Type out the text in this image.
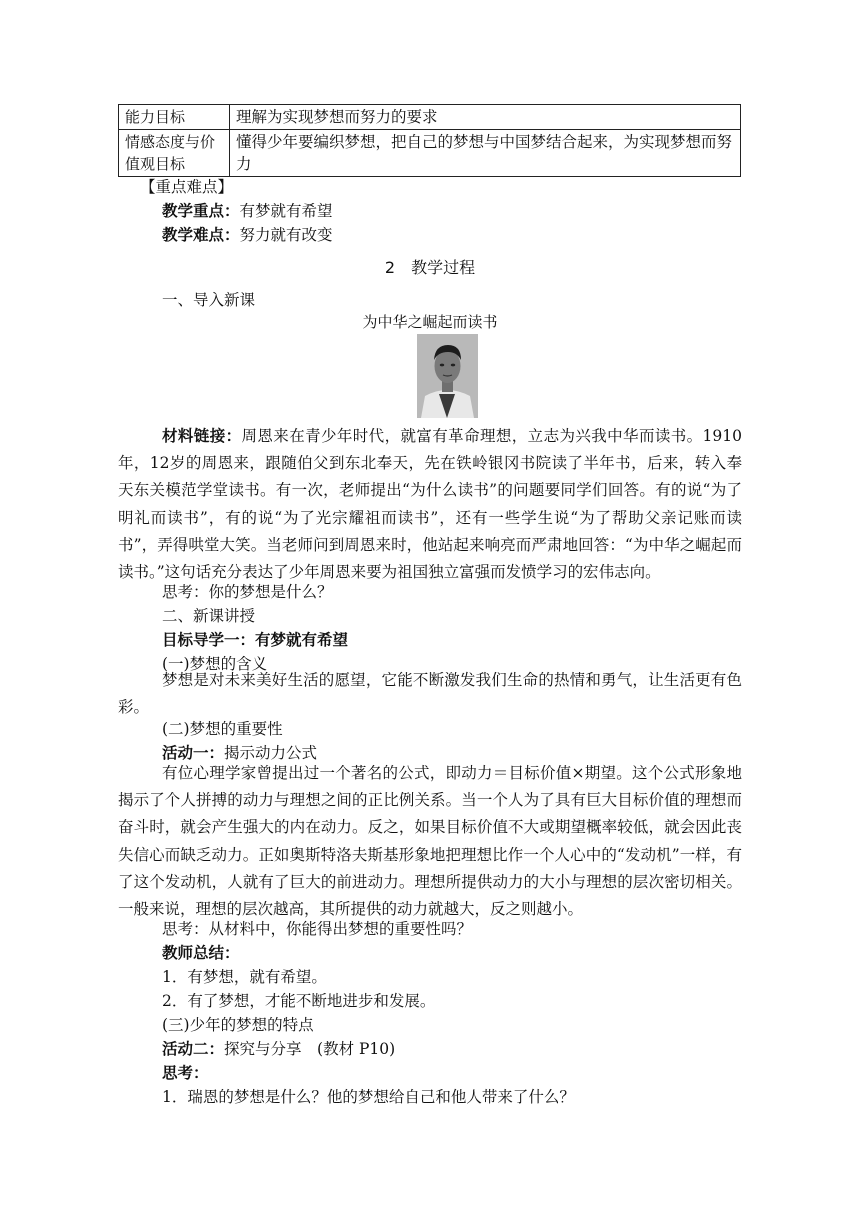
能力目标	理解为实现梦想而努力的要求
情感态度与价值观目标	懂得少年要编织梦想，把自己的梦想与中国梦结合起来，为实现梦想而努力
【重点难点】
教学重点：有梦就有希望
教学难点：努力就有改变
2　教学过程
一、导入新课
为中华之崛起而读书
材料链接：周恩来在青少年时代，就富有革命理想，立志为兴我中华而读书。1910年，12岁的周恩来，跟随伯父到东北奉天，先在铁岭银冈书院读了半年书，后来，转入奉天东关模范学堂读书。有一次，老师提出“为什么读书”的问题要同学们回答。有的说“为了明礼而读书”，有的说“为了光宗耀祖而读书”，还有一些学生说“为了帮助父亲记账而读书”，弄得哄堂大笑。当老师问到周恩来时，他站起来响亮而严肃地回答：“为中华之崛起而读书。”这句话充分表达了少年周恩来要为祖国独立富强而发愤学习的宏伟志向。
思考：你的梦想是什么？
二、新课讲授
目标导学一：有梦就有希望
(一)梦想的含义
梦想是对未来美好生活的愿望，它能不断激发我们生命的热情和勇气，让生活更有色彩。
(二)梦想的重要性
活动一：揭示动力公式
有位心理学家曾提出过一个著名的公式，即动力＝目标价值×期望。这个公式形象地揭示了个人拼搏的动力与理想之间的正比例关系。当一个人为了具有巨大目标价值的理想而奋斗时，就会产生强大的内在动力。反之，如果目标价值不大或期望概率较低，就会因此丧失信心而缺乏动力。正如奥斯特洛夫斯基形象地把理想比作一个人心中的“发动机”一样，有了这个发动机，人就有了巨大的前进动力。理想所提供动力的大小与理想的层次密切相关。一般来说，理想的层次越高，其所提供的动力就越大，反之则越小。
思考：从材料中，你能得出梦想的重要性吗？
教师总结：
1．有梦想，就有希望。
2．有了梦想，才能不断地进步和发展。
(三)少年的梦想的特点
活动二：探究与分享　(教材 P10)
思考：
1．瑞恩的梦想是什么？他的梦想给自己和他人带来了什么？
